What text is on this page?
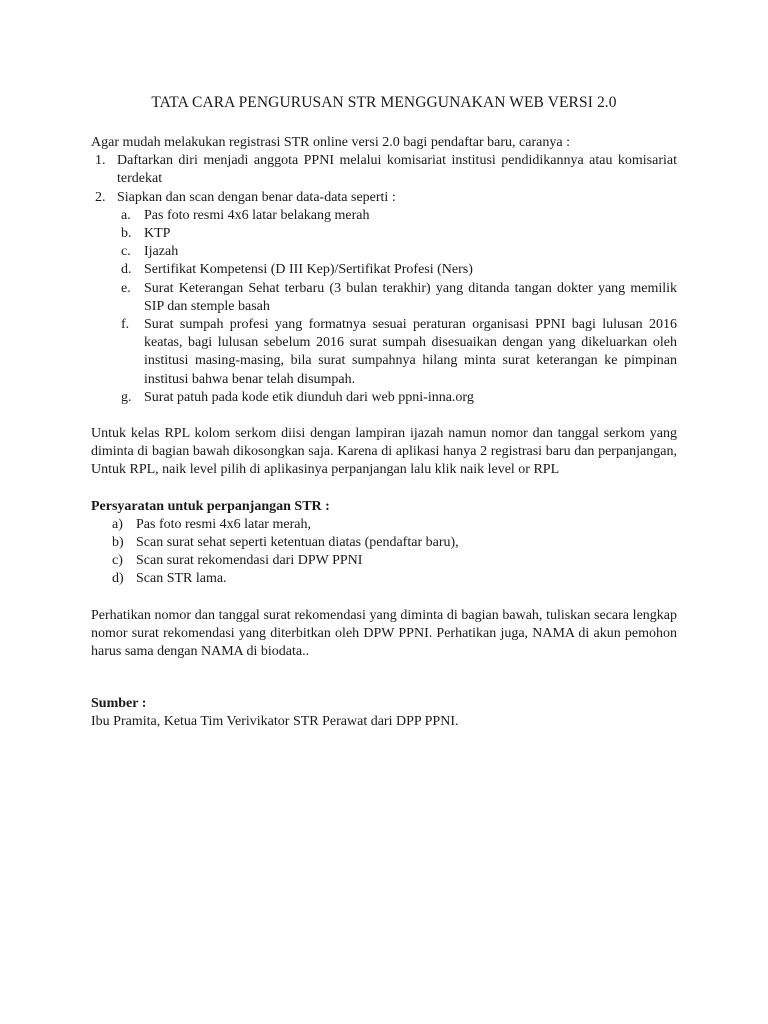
TATA CARA PENGURUSAN STR MENGGUNAKAN WEB VERSI 2.0

Agar mudah melakukan registrasi STR online versi 2.0 bagi pendaftar baru, caranya :

1. Daftarkan diri menjadi anggota PPNI melalui komisariat institusi pendidikannya atau komisariat terdekat
2. Siapkan dan scan dengan benar data-data seperti :
a. Pas foto resmi 4x6 latar belakang merah
b. KTP
c. Ijazah
d. Sertifikat Kompetensi (D III Kep)/Sertifikat Profesi (Ners)
e. Surat Keterangan Sehat terbaru (3 bulan terakhir) yang ditanda tangan dokter yang memilik SIP dan stemple basah
f. Surat sumpah profesi yang formatnya sesuai peraturan organisasi PPNI bagi lulusan 2016 keatas, bagi lulusan sebelum 2016 surat sumpah disesuaikan dengan yang dikeluarkan oleh institusi masing-masing, bila surat sumpahnya hilang minta surat keterangan ke pimpinan institusi bahwa benar telah disumpah.
g. Surat patuh pada kode etik diunduh dari web ppni-inna.org

Untuk kelas RPL kolom serkom diisi dengan lampiran ijazah namun nomor dan tanggal serkom yang diminta di bagian bawah dikosongkan saja. Karena di aplikasi hanya 2 registrasi baru dan perpanjangan, Untuk RPL, naik level pilih di aplikasinya perpanjangan lalu klik naik level or RPL

Persyaratan untuk perpanjangan STR :

a) Pas foto resmi 4x6 latar merah,
b) Scan surat sehat seperti ketentuan diatas (pendaftar baru),
c) Scan surat rekomendasi dari DPW PPNI
d) Scan STR lama.

Perhatikan nomor dan tanggal surat rekomendasi yang diminta di bagian bawah, tuliskan secara lengkap nomor surat rekomendasi yang diterbitkan oleh DPW PPNI. Perhatikan juga, NAMA di akun pemohon harus sama dengan NAMA di biodata..

Sumber :

Ibu Pramita, Ketua Tim Verivikator STR Perawat dari DPP PPNI.
